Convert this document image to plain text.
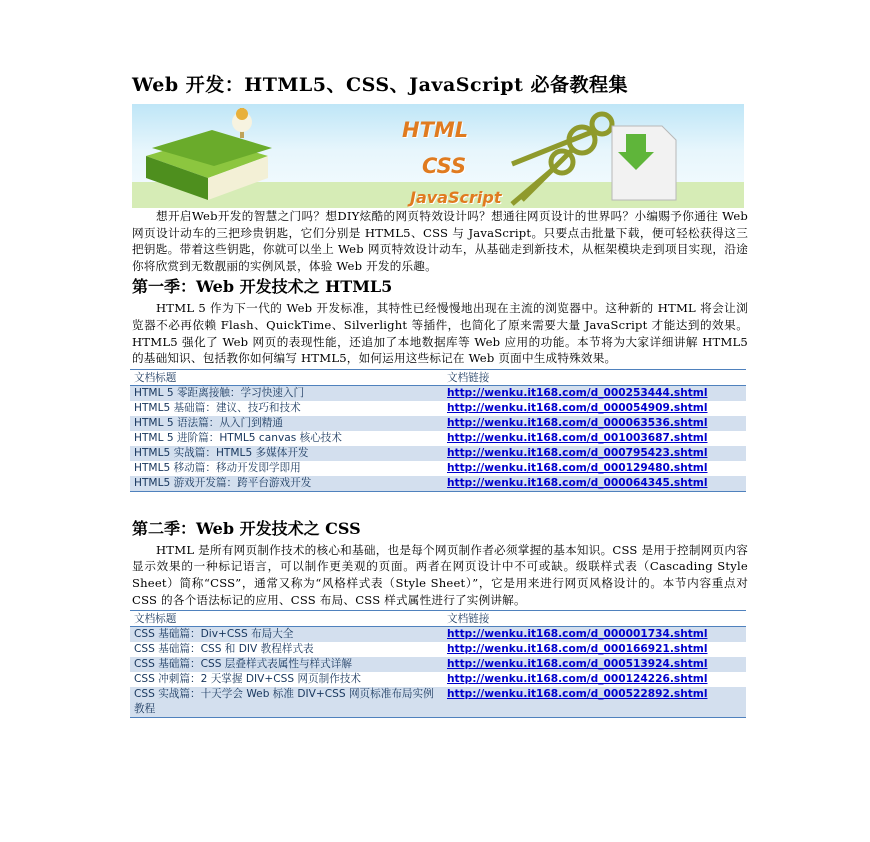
Web 开发：HTML5、CSS、JavaScript 必备教程集
HTML
CSS
JavaScript

想开启Web开发的智慧之门吗？想DIY炫酷的网页特效设计吗？想通往网页设计的世界吗？小编赐予你通往 Web 网页设计动车的三把珍贵钥匙，它们分别是 HTML5、CSS 与 JavaScript。只要点击批量下载，便可轻松获得这三把钥匙。带着这些钥匙，你就可以坐上 Web 网页特效设计动车，从基础走到新技术，从框架模块走到项目实现，沿途你将欣赏到无数靓丽的实例风景，体验 Web 开发的乐趣。

第一季：Web 开发技术之 HTML5

HTML 5 作为下一代的 Web 开发标准，其特性已经慢慢地出现在主流的浏览器中。这种新的 HTML 将会让浏览器不必再依赖 Flash、QuickTime、Silverlight 等插件，也简化了原来需要大量 JavaScript 才能达到的效果。HTML5 强化了 Web 网页的表现性能，还追加了本地数据库等 Web 应用的功能。本节将为大家详细讲解 HTML5 的基础知识、包括教你如何编写 HTML5，如何运用这些标记在 Web 页面中生成特殊效果。

文档标题	文档链接
HTML 5 零距离接触：学习快速入门	http://wenku.it168.com/d_000253444.shtml
HTML5 基础篇：建议、技巧和技术	http://wenku.it168.com/d_000054909.shtml
HTML 5 语法篇：从入门到精通	http://wenku.it168.com/d_000063536.shtml
HTML 5 进阶篇：HTML5 canvas 核心技术	http://wenku.it168.com/d_001003687.shtml
HTML5 实战篇：HTML5 多媒体开发	http://wenku.it168.com/d_000795423.shtml
HTML5 移动篇：移动开发即学即用	http://wenku.it168.com/d_000129480.shtml
HTML5 游戏开发篇：跨平台游戏开发	http://wenku.it168.com/d_000064345.shtml
第二季：Web 开发技术之 CSS

HTML 是所有网页制作技术的核心和基础，也是每个网页制作者必须掌握的基本知识。CSS 是用于控制网页内容显示效果的一种标记语言，可以制作更美观的页面。两者在网页设计中不可或缺。级联样式表（Cascading Style Sheet）简称“CSS”，通常又称为“风格样式表（Style Sheet）”，它是用来进行网页风格设计的。本节内容重点对 CSS 的各个语法标记的应用、CSS 布局、CSS 样式属性进行了实例讲解。

文档标题	文档链接
CSS 基础篇：Div+CSS 布局大全	http://wenku.it168.com/d_000001734.shtml
CSS 基础篇：CSS 和 DIV 教程样式表	http://wenku.it168.com/d_000166921.shtml
CSS 基础篇：CSS 层叠样式表属性与样式详解	http://wenku.it168.com/d_000513924.shtml
CSS 冲刺篇：2 天掌握 DIV+CSS 网页制作技术	http://wenku.it168.com/d_000124226.shtml
CSS 实战篇：十天学会 Web 标准 DIV+CSS 网页标准布局实例教程	http://wenku.it168.com/d_000522892.shtml
